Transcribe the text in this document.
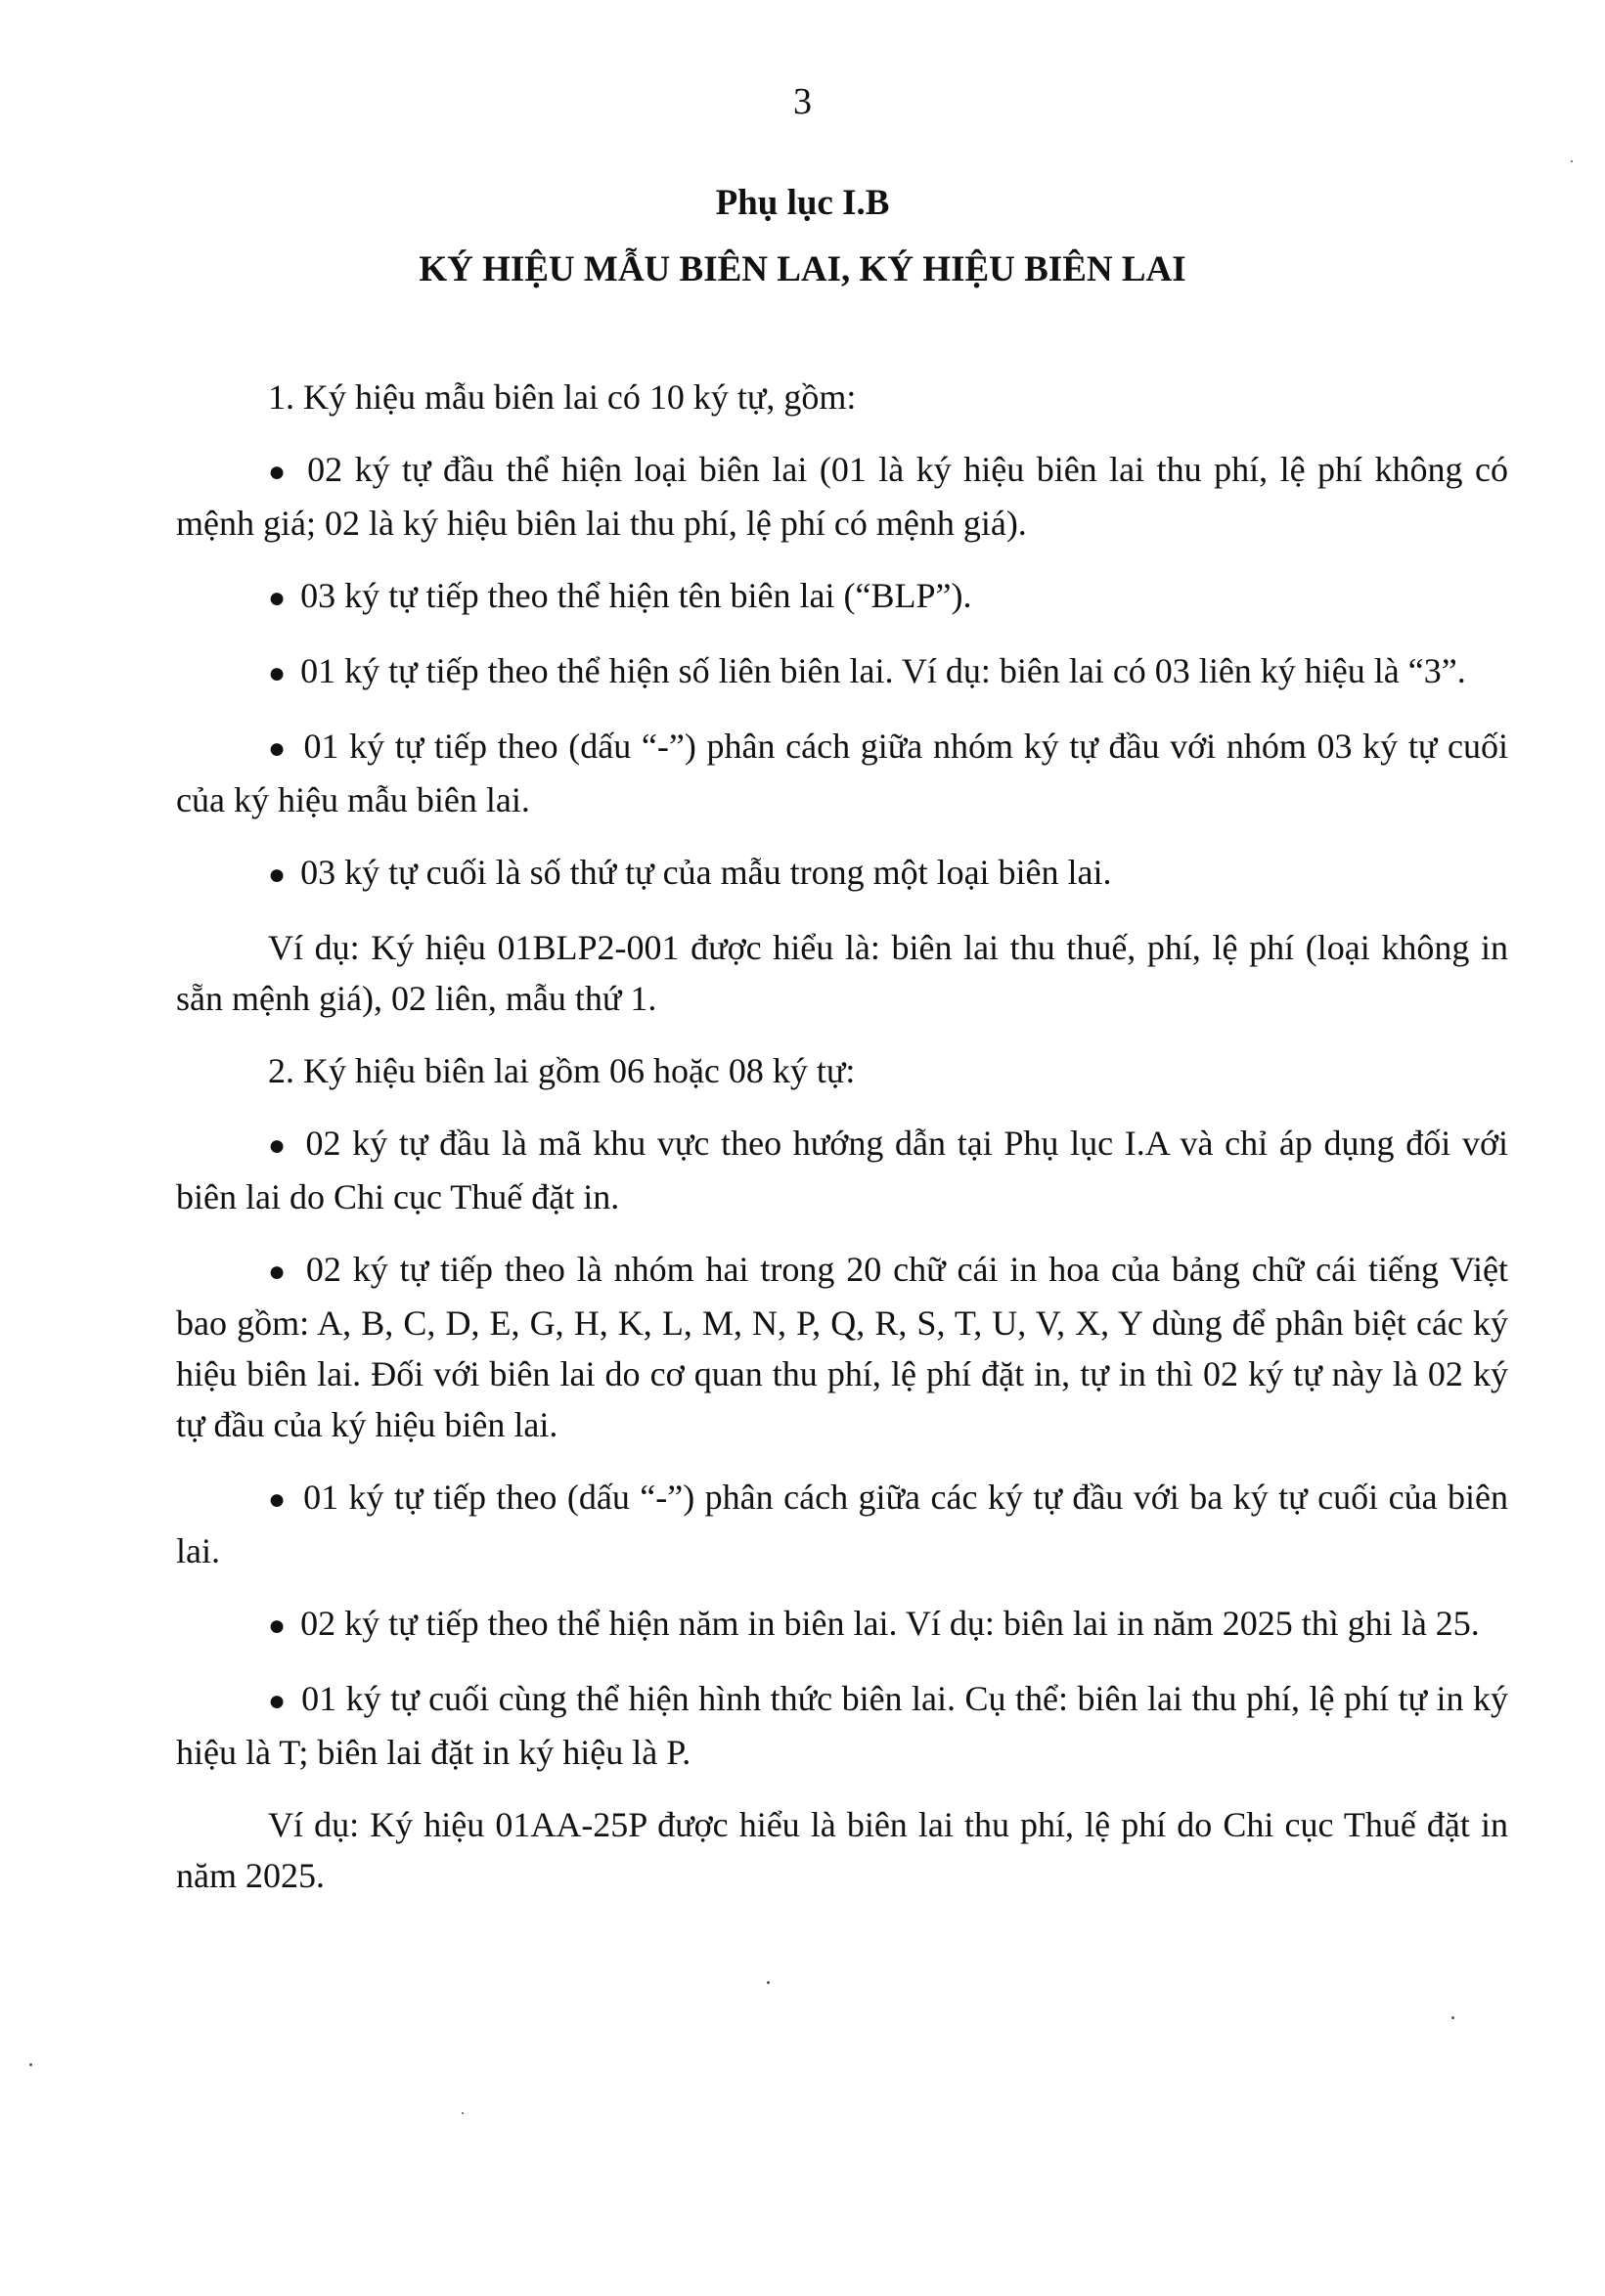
3
Phụ lục I.B
KÝ HIỆU MẪU BIÊN LAI, KÝ HIỆU BIÊN LAI

1. Ký hiệu mẫu biên lai có 10 ký tự, gồm:

● 02 ký tự đầu thể hiện loại biên lai (01 là ký hiệu biên lai thu phí, lệ phí không có mệnh giá; 02 là ký hiệu biên lai thu phí, lệ phí có mệnh giá).

● 03 ký tự tiếp theo thể hiện tên biên lai (“BLP”).

● 01 ký tự tiếp theo thể hiện số liên biên lai. Ví dụ: biên lai có 03 liên ký hiệu là “3”.

● 01 ký tự tiếp theo (dấu “-”) phân cách giữa nhóm ký tự đầu với nhóm 03 ký tự cuối của ký hiệu mẫu biên lai.

● 03 ký tự cuối là số thứ tự của mẫu trong một loại biên lai.

Ví dụ: Ký hiệu 01BLP2-001 được hiểu là: biên lai thu thuế, phí, lệ phí (loại không in sẵn mệnh giá), 02 liên, mẫu thứ 1.

2. Ký hiệu biên lai gồm 06 hoặc 08 ký tự:

● 02 ký tự đầu là mã khu vực theo hướng dẫn tại Phụ lục I.A và chỉ áp dụng đối với biên lai do Chi cục Thuế đặt in.

● 02 ký tự tiếp theo là nhóm hai trong 20 chữ cái in hoa của bảng chữ cái tiếng Việt bao gồm: A, B, C, D, E, G, H, K, L, M, N, P, Q, R, S, T, U, V, X, Y dùng để phân biệt các ký hiệu biên lai. Đối với biên lai do cơ quan thu phí, lệ phí đặt in, tự in thì 02 ký tự này là 02 ký tự đầu của ký hiệu biên lai.

● 01 ký tự tiếp theo (dấu “-”) phân cách giữa các ký tự đầu với ba ký tự cuối của biên lai.

● 02 ký tự tiếp theo thể hiện năm in biên lai. Ví dụ: biên lai in năm 2025 thì ghi là 25.

● 01 ký tự cuối cùng thể hiện hình thức biên lai. Cụ thể: biên lai thu phí, lệ phí tự in ký hiệu là T; biên lai đặt in ký hiệu là P.

Ví dụ: Ký hiệu 01AA-25P được hiểu là biên lai thu phí, lệ phí do Chi cục Thuế đặt in năm 2025.
